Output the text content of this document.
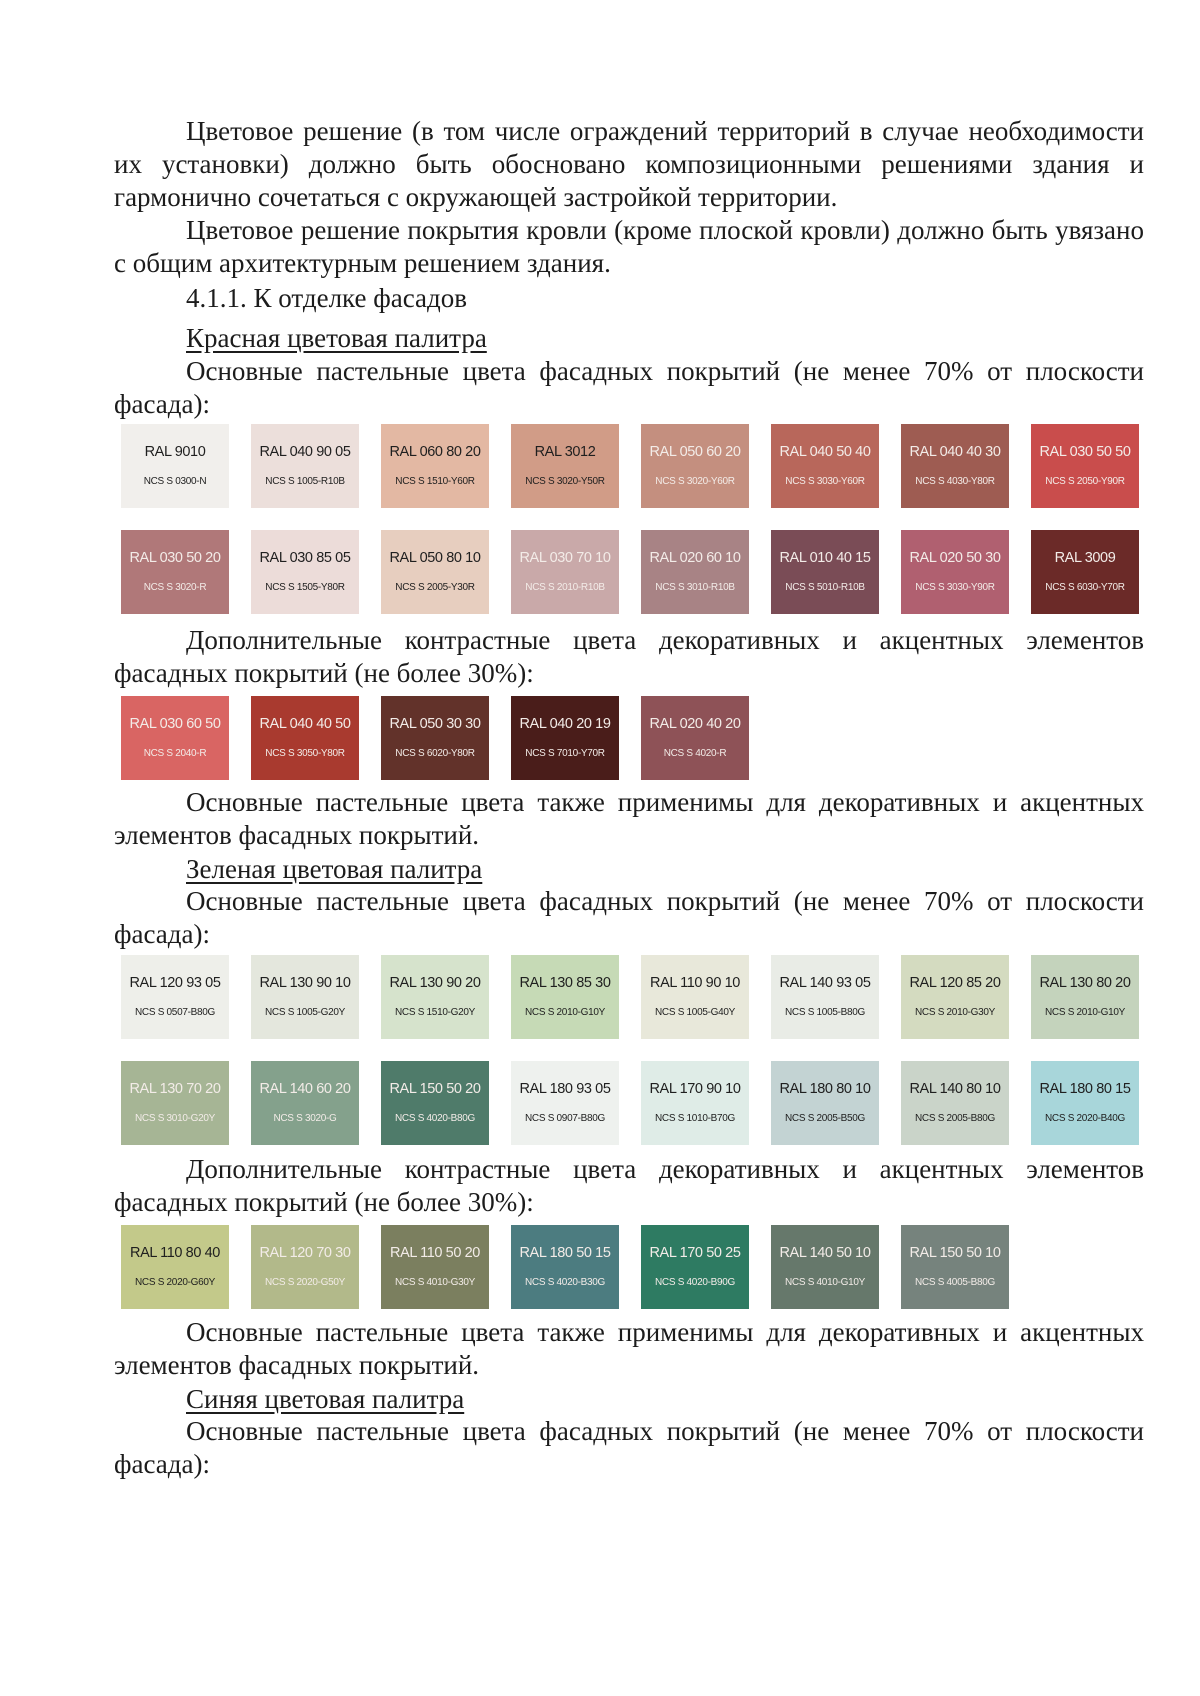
Цветовое решение (в том числе ограждений территорий в случае необходимости их установки) должно быть обосновано композиционными решениями здания и гармонично сочетаться с окружающей застройкой территории.

Цветовое решение покрытия кровли (кроме плоской кровли) должно быть увязано с общим архитектурным решением здания.

4.1.1. К отделке фасадов

Красная цветовая палитра

Основные пастельные цвета фасадных покрытий (не менее 70% от плоскости фасада):

RAL 9010
NCS S 0300-N
RAL 040 90 05
NCS S 1005-R10B
RAL 060 80 20
NCS S 1510-Y60R
RAL 3012
NCS S 3020-Y50R
RAL 050 60 20
NCS S 3020-Y60R
RAL 040 50 40
NCS S 3030-Y60R
RAL 040 40 30
NCS S 4030-Y80R
RAL 030 50 50
NCS S 2050-Y90R
RAL 030 50 20
NCS S 3020-R
RAL 030 85 05
NCS S 1505-Y80R
RAL 050 80 10
NCS S 2005-Y30R
RAL 030 70 10
NCS S 2010-R10B
RAL 020 60 10
NCS S 3010-R10B
RAL 010 40 15
NCS S 5010-R10B
RAL 020 50 30
NCS S 3030-Y90R
RAL 3009
NCS S 6030-Y70R

Дополнительные контрастные цвета декоративных и акцентных элементов фасадных покрытий (не более 30%):

RAL 030 60 50
NCS S 2040-R
RAL 040 40 50
NCS S 3050-Y80R
RAL 050 30 30
NCS S 6020-Y80R
RAL 040 20 19
NCS S 7010-Y70R
RAL 020 40 20
NCS S 4020-R

Основные пастельные цвета также применимы для декоративных и акцентных элементов фасадных покрытий.

Зеленая цветовая палитра

Основные пастельные цвета фасадных покрытий (не менее 70% от плоскости фасада):

RAL 120 93 05
NCS S 0507-B80G
RAL 130 90 10
NCS S 1005-G20Y
RAL 130 90 20
NCS S 1510-G20Y
RAL 130 85 30
NCS S 2010-G10Y
RAL 110 90 10
NCS S 1005-G40Y
RAL 140 93 05
NCS S 1005-B80G
RAL 120 85 20
NCS S 2010-G30Y
RAL 130 80 20
NCS S 2010-G10Y
RAL 130 70 20
NCS S 3010-G20Y
RAL 140 60 20
NCS S 3020-G
RAL 150 50 20
NCS S 4020-B80G
RAL 180 93 05
NCS S 0907-B80G
RAL 170 90 10
NCS S 1010-B70G
RAL 180 80 10
NCS S 2005-B50G
RAL 140 80 10
NCS S 2005-B80G
RAL 180 80 15
NCS S 2020-B40G

Дополнительные контрастные цвета декоративных и акцентных элементов фасадных покрытий (не более 30%):

RAL 110 80 40
NCS S 2020-G60Y
RAL 120 70 30
NCS S 2020-G50Y
RAL 110 50 20
NCS S 4010-G30Y
RAL 180 50 15
NCS S 4020-B30G
RAL 170 50 25
NCS S 4020-B90G
RAL 140 50 10
NCS S 4010-G10Y
RAL 150 50 10
NCS S 4005-B80G

Основные пастельные цвета также применимы для декоративных и акцентных элементов фасадных покрытий.

Синяя цветовая палитра

Основные пастельные цвета фасадных покрытий (не менее 70% от плоскости фасада):
